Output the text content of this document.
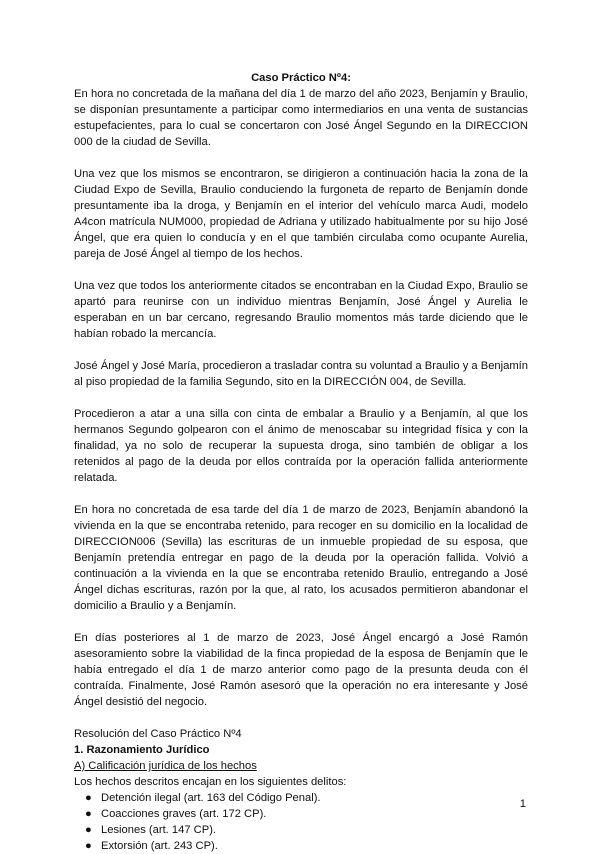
Caso Práctico Nº4:

En hora no concretada de la mañana del día 1 de marzo del año 2023, Benjamín y Braulio, se disponían presuntamente a participar como intermediarios en una venta de sustancias estupefacientes, para lo cual se concertaron con José Ángel Segundo en la DIRECCION 000 de la ciudad de Sevilla.

Una vez que los mismos se encontraron, se dirigieron a continuación hacia la zona de la Ciudad Expo de Sevilla, Braulio conduciendo la furgoneta de reparto de Benjamín donde presuntamente iba la droga, y Benjamín en el interior del vehículo marca Audi, modelo A4con matrícula NUM000, propiedad de Adriana y utilizado habitualmente por su hijo José Ángel, que era quien lo conducía y en el que también circulaba como ocupante Aurelia, pareja de José Ángel al tiempo de los hechos.

Una vez que todos los anteriormente citados se encontraban en la Ciudad Expo, Braulio se apartó para reunirse con un individuo mientras Benjamín, José Ángel y Aurelia le esperaban en un bar cercano, regresando Braulio momentos más tarde diciendo que le habían robado la mercancía.

José Ángel y José María, procedieron a trasladar contra su voluntad a Braulio y a Benjamín al piso propiedad de la familia Segundo, sito en la DIRECCIÓN 004, de Sevilla.

Procedieron a atar a una silla con cinta de embalar a Braulio y a Benjamín, al que los hermanos Segundo golpearon con el ánimo de menoscabar su integridad física y con la finalidad, ya no solo de recuperar la supuesta droga, sino también de obligar a los retenidos al pago de la deuda por ellos contraída por la operación fallida anteriormente relatada.

En hora no concretada de esa tarde del día 1 de marzo de 2023, Benjamín abandonó la vivienda en la que se encontraba retenido, para recoger en su domicilio en la localidad de DIRECCION006 (Sevilla) las escrituras de un inmueble propiedad de su esposa, que Benjamín pretendía entregar en pago de la deuda por la operación fallida. Volvió a continuación a la vivienda en la que se encontraba retenido Braulio, entregando a José Ángel dichas escrituras, razón por la que, al rato, los acusados permitieron abandonar el domicilio a Braulio y a Benjamín.

En días posteriores al 1 de marzo de 2023, José Ángel encargó a José Ramón asesoramiento sobre la viabilidad de la finca propiedad de la esposa de Benjamín que le había entregado el día 1 de marzo anterior como pago de la presunta deuda con él contraída. Finalmente, José Ramón asesoró que la operación no era interesante y José Ángel desistió del negocio.

Resolución del Caso Práctico Nº4

1. Razonamiento Jurídico

A) Calificación jurídica de los hechos

Los hechos descritos encajan en los siguientes delitos:

● Detención ilegal (art. 163 del Código Penal).
● Coacciones graves (art. 172 CP).
● Lesiones (art. 147 CP).
● Extorsión (art. 243 CP).
1
